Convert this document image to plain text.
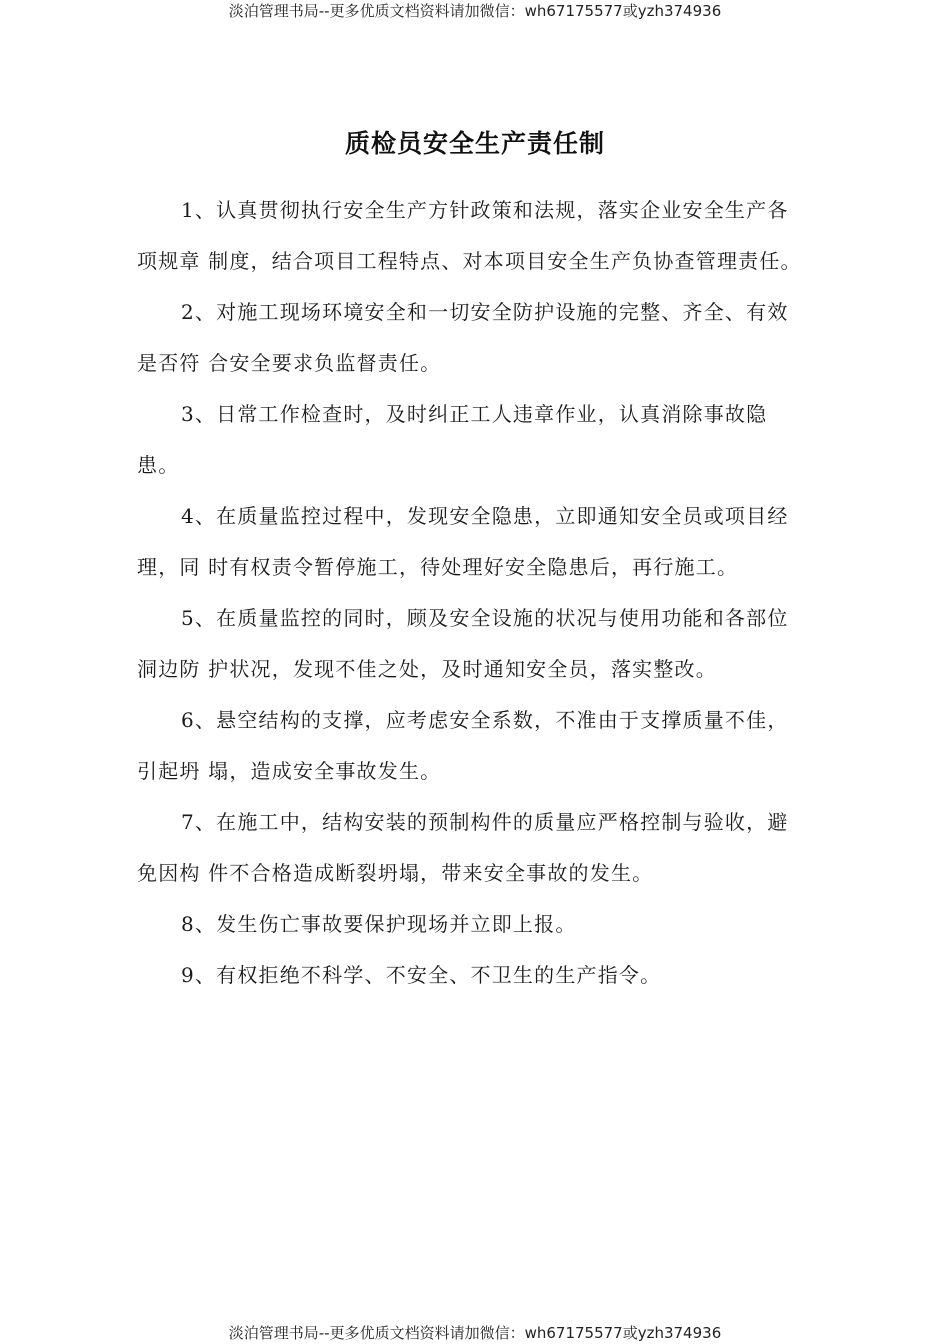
淡泊管理书局--更多优质文档资料请加微信：wh67175577或yzh374936
质检员安全生产责任制

1、认真贯彻执行安全生产方针政策和法规，落实企业安全生产各项规章 制度，结合项目工程特点、对本项目安全生产负协查管理责任。

2、对施工现场环境安全和一切安全防护设施的完整、齐全、有效是否符 合安全要求负监督责任。

3、日常工作检查时，及时纠正工人违章作业，认真消除事故隐患。

4、在质量监控过程中，发现安全隐患，立即通知安全员或项目经理，同 时有权责令暂停施工，待处理好安全隐患后，再行施工。

5、在质量监控的同时，顾及安全设施的状况与使用功能和各部位洞边防 护状况，发现不佳之处，及时通知安全员，落实整改。

6、悬空结构的支撑，应考虑安全系数，不准由于支撑质量不佳，引起坍 塌，造成安全事故发生。

7、在施工中，结构安装的预制构件的质量应严格控制与验收，避免因构 件不合格造成断裂坍塌，带来安全事故的发生。

8、发生伤亡事故要保护现场并立即上报。

9、有权拒绝不科学、不安全、不卫生的生产指令。

淡泊管理书局--更多优质文档资料请加微信：wh67175577或yzh374936
